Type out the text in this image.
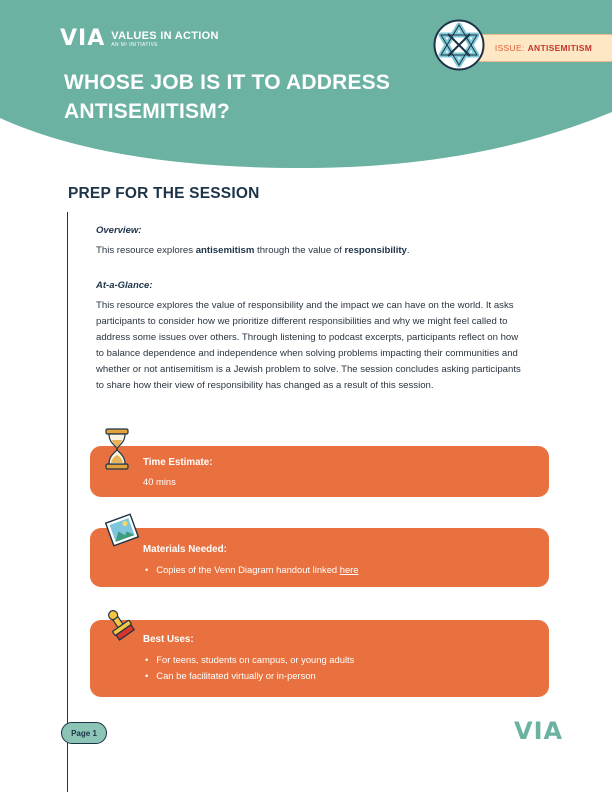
VIA VALUES IN ACTION
AN M² INITIATIVE
WHOSE JOB IS IT TO ADDRESS ANTISEMITISM?
ISSUE: ANTISEMITISM
PREP FOR THE SESSION
Overview:
This resource explores antisemitism through the value of responsibility.
At-a-Glance:
This resource explores the value of responsibility and the impact we can have on the world. It asks participants to consider how we prioritize different responsibilities and why we might feel called to address some issues over others. Through listening to podcast excerpts, participants reflect on how to balance dependence and independence when solving problems impacting their communities and whether or not antisemitism is a Jewish problem to solve. The session concludes asking participants to share how their view of responsibility has changed as a result of this session.
Time Estimate:
40 mins
Materials Needed:
• Copies of the Venn Diagram handout linked here
Best Uses:
• For teens, students on campus, or young adults
• Can be facilitated virtually or in-person
Page 1	VIA
